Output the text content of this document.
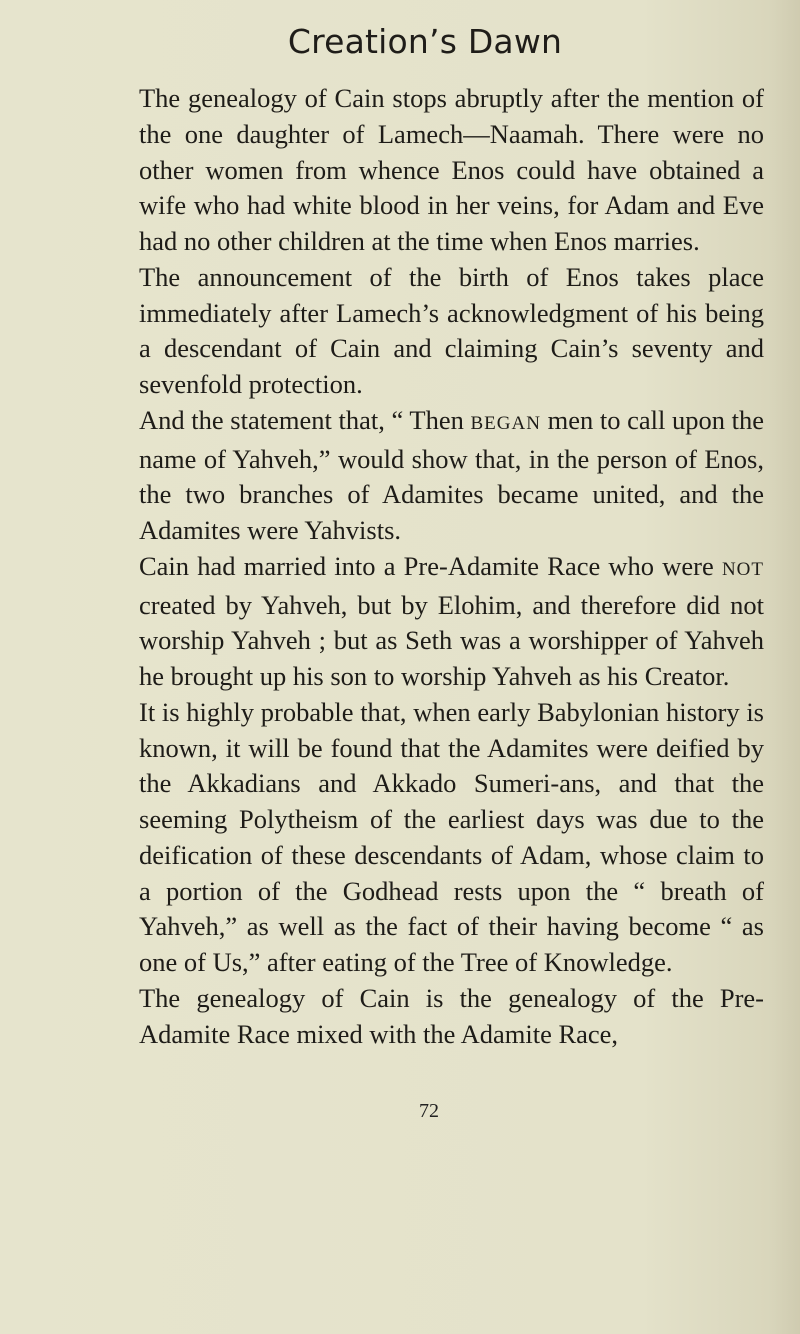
Creation’s Dawn

The genealogy of Cain stops abruptly after the mention of the one daughter of Lamech—Naamah. There were no other women from whence Enos could have obtained a wife who had white blood in her veins, for Adam and Eve had no other children at the time when Enos marries.

The announcement of the birth of Enos takes place immediately after Lamech’s acknowledgment of his being a descendant of Cain and claiming Cain’s seventy and sevenfold protection.

And the statement that, “ Then BEGAN men to call upon the name of Yahveh,” would show that, in the person of Enos, the two branches of Adamites became united, and the Adamites were Yahvists.

Cain had married into a Pre-Adamite Race who were NOT created by Yahveh, but by Elohim, and therefore did not worship Yahveh ; but as Seth was a worshipper of Yahveh he brought up his son to worship Yahveh as his Creator.

It is highly probable that, when early Babylonian history is known, it will be found that the Adamites were deified by the Akkadians and Akkado Sumeri-ans, and that the seeming Polytheism of the earliest days was due to the deification of these descendants of Adam, whose claim to a portion of the Godhead rests upon the “ breath of Yahveh,” as well as the fact of their having become “ as one of Us,” after eating of the Tree of Knowledge.

The genealogy of Cain is the genealogy of the Pre-Adamite Race mixed with the Adamite Race,

72
